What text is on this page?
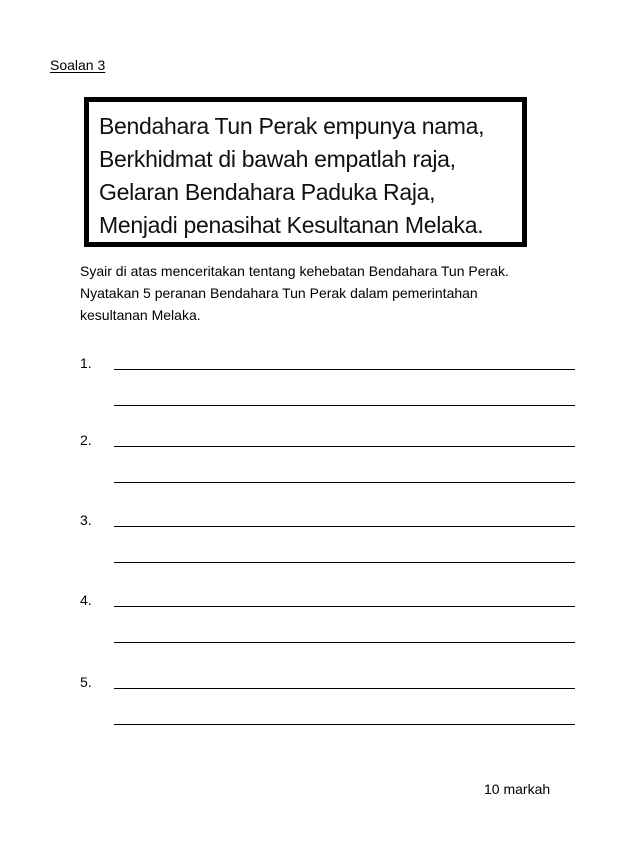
Soalan 3
Bendahara Tun Perak empunya nama,
Berkhidmat di bawah empatlah raja,
Gelaran Bendahara Paduka Raja,
Menjadi penasihat Kesultanan Melaka.
Syair di atas menceritakan tentang kehebatan Bendahara Tun Perak.
Nyatakan 5 peranan Bendahara Tun Perak dalam pemerintahan
kesultanan Melaka.
1.
2.
3.
4.
5.
10 markah
